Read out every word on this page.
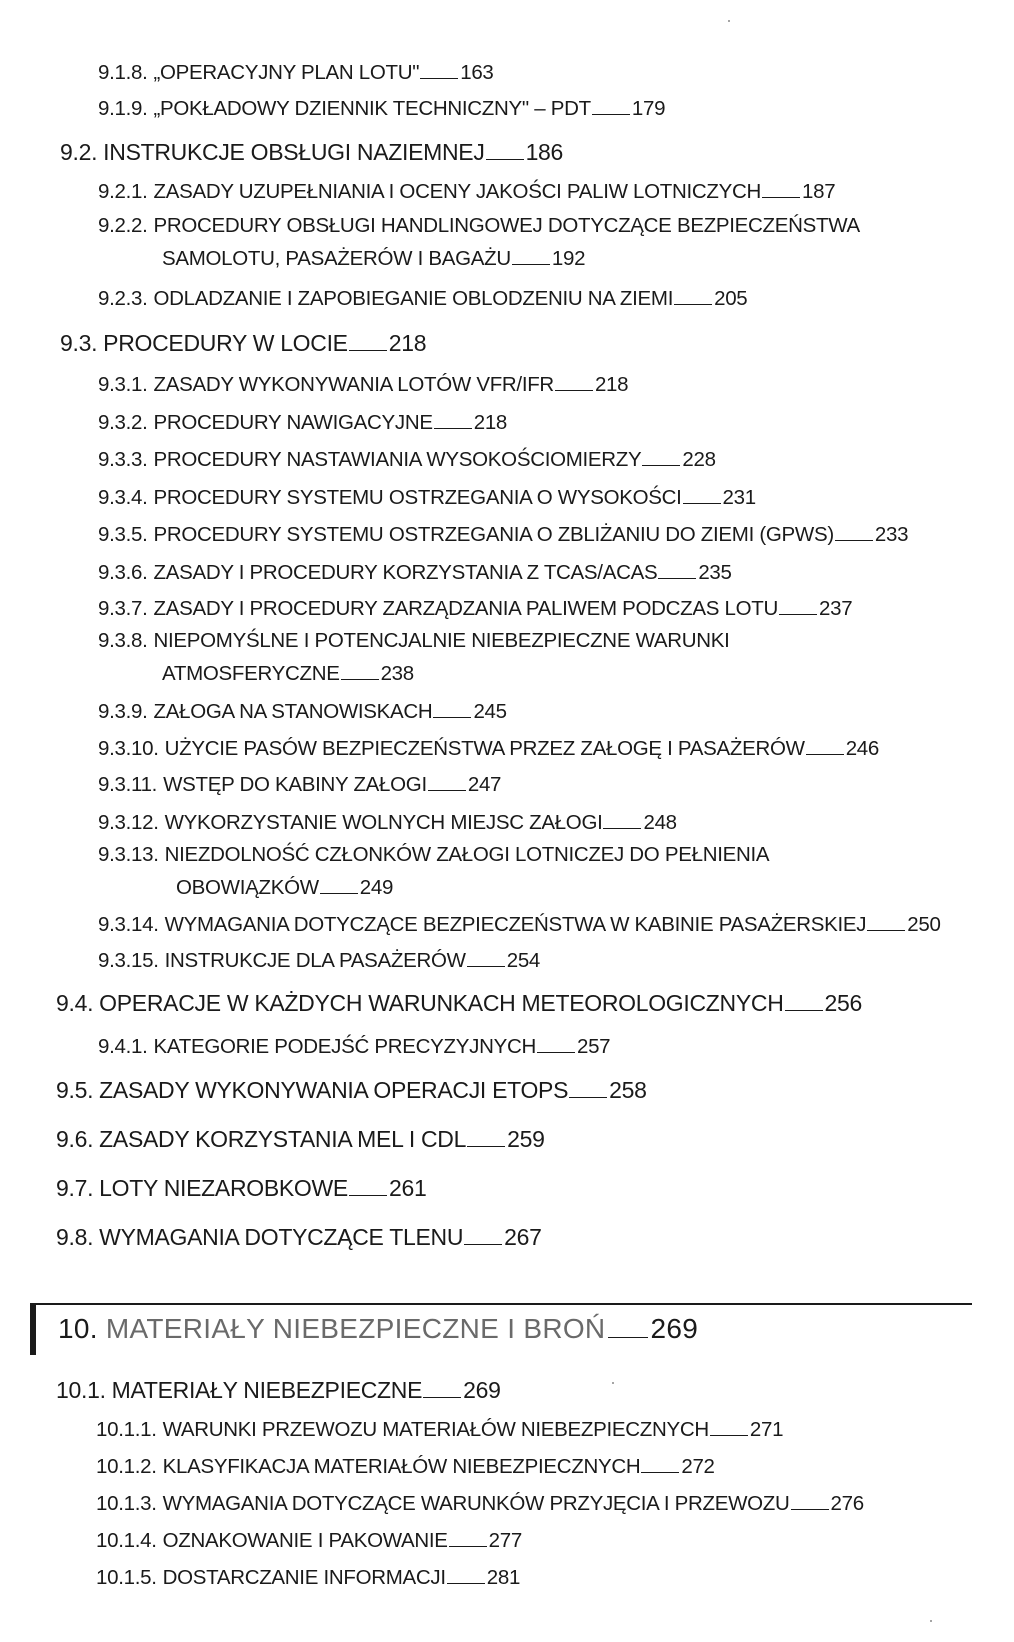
9.1.8. „OPERACYJNY PLAN LOTU" 163
9.1.9. „POKŁADOWY DZIENNIK TECHNICZNY" – PDT 179
9.2. INSTRUKCJE OBSŁUGI NAZIEMNEJ 186
9.2.1. ZASADY UZUPEŁNIANIA I OCENY JAKOŚCI PALIW LOTNICZYCH 187
9.2.2. PROCEDURY OBSŁUGI HANDLINGOWEJ DOTYCZĄCE BEZPIECZEŃSTWA
SAMOLOTU, PASAŻERÓW I BAGAŻU 192
9.2.3. ODLADZANIE I ZAPOBIEGANIE OBLODZENIU NA ZIEMI 205
9.3. PROCEDURY W LOCIE 218
9.3.1. ZASADY WYKONYWANIA LOTÓW VFR/IFR 218
9.3.2. PROCEDURY NAWIGACYJNE 218
9.3.3. PROCEDURY NASTAWIANIA WYSOKOŚCIOMIERZY 228
9.3.4. PROCEDURY SYSTEMU OSTRZEGANIA O WYSOKOŚCI 231
9.3.5. PROCEDURY SYSTEMU OSTRZEGANIA O ZBLIŻANIU DO ZIEMI (GPWS) 233
9.3.6. ZASADY I PROCEDURY KORZYSTANIA Z TCAS/ACAS 235
9.3.7. ZASADY I PROCEDURY ZARZĄDZANIA PALIWEM PODCZAS LOTU 237
9.3.8. NIEPOMYŚLNE I POTENCJALNIE NIEBEZPIECZNE WARUNKI
ATMOSFERYCZNE 238
9.3.9. ZAŁOGA NA STANOWISKACH 245
9.3.10. UŻYCIE PASÓW BEZPIECZEŃSTWA PRZEZ ZAŁOGĘ I PASAŻERÓW 246
9.3.11. WSTĘP DO KABINY ZAŁOGI 247
9.3.12. WYKORZYSTANIE WOLNYCH MIEJSC ZAŁOGI 248
9.3.13. NIEZDOLNOŚĆ CZŁONKÓW ZAŁOGI LOTNICZEJ DO PEŁNIENIA
OBOWIĄZKÓW 249
9.3.14. WYMAGANIA DOTYCZĄCE BEZPIECZEŃSTWA W KABINIE PASAŻERSKIEJ 250
9.3.15. INSTRUKCJE DLA PASAŻERÓW 254
9.4. OPERACJE W KAŻDYCH WARUNKACH METEOROLOGICZNYCH 256
9.4.1. KATEGORIE PODEJŚĆ PRECYZYJNYCH 257
9.5. ZASADY WYKONYWANIA OPERACJI ETOPS 258
9.6. ZASADY KORZYSTANIA MEL I CDL 259
9.7. LOTY NIEZAROBKOWE 261
9.8. WYMAGANIA DOTYCZĄCE TLENU 267
10. MATERIAŁY NIEBEZPIECZNE I BROŃ 269
10.1. MATERIAŁY NIEBEZPIECZNE 269
10.1.1. WARUNKI PRZEWOZU MATERIAŁÓW NIEBEZPIECZNYCH 271
10.1.2. KLASYFIKACJA MATERIAŁÓW NIEBEZPIECZNYCH 272
10.1.3. WYMAGANIA DOTYCZĄCE WARUNKÓW PRZYJĘCIA I PRZEWOZU 276
10.1.4. OZNAKOWANIE I PAKOWANIE 277
10.1.5. DOSTARCZANIE INFORMACJI 281
